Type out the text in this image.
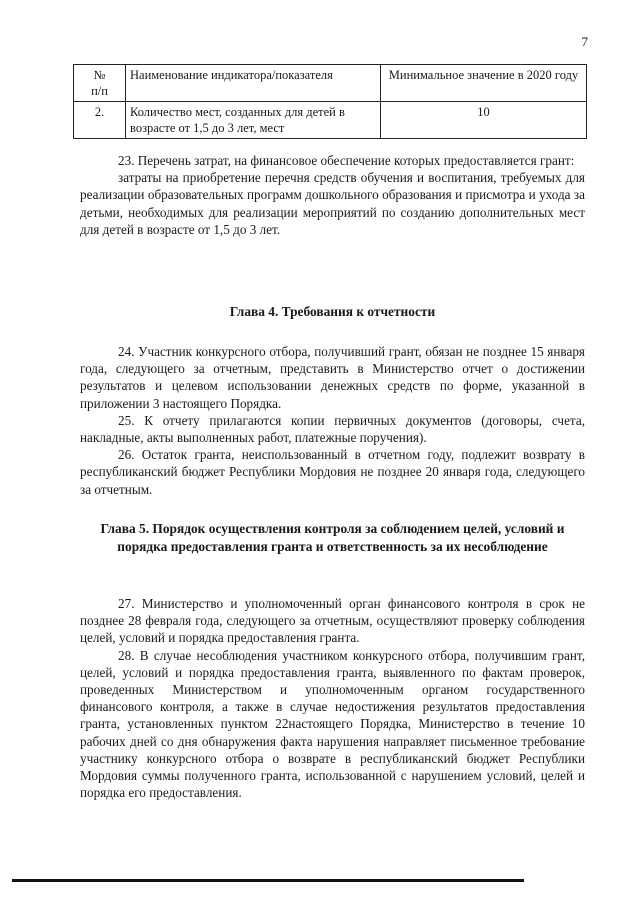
7
№
п/п	Наименование индикатора/показателя	Минимальное значение в 2020 году
2.	Количество мест, созданных для детей в возрасте от 1,5 до 3 лет, мест	10

23. Перечень затрат, на финансовое обеспечение которых предоставляется грант:

затраты на приобретение перечня средств обучения и воспитания, требуемых для реализации образовательных программ дошкольного образования и присмотра и ухода за детьми, необходимых для реализации мероприятий по созданию дополнительных мест для детей в возрасте от 1,5 до 3 лет.

Глава 4. Требования к отчетности

24. Участник конкурсного отбора, получивший грант, обязан не позднее 15 января года, следующего за отчетным, представить в Министерство отчет о достижении результатов и целевом использовании денежных средств по форме, указанной в приложении 3 настоящего Порядка.

25. К отчету прилагаются копии первичных документов (договоры, счета, накладные, акты выполненных работ, платежные поручения).

26. Остаток гранта, неиспользованный в отчетном году, подлежит возврату в республиканский бюджет Республики Мордовия не позднее 20 января года, следующего за отчетным.

Глава 5. Порядок осуществления контроля за соблюдением целей, условий и порядка предоставления гранта и ответственность за их несоблюдение

27. Министерство и уполномоченный орган финансового контроля в срок не позднее 28 февраля года, следующего за отчетным, осуществляют проверку соблюдения целей, условий и порядка предоставления гранта.

28. В случае несоблюдения участником конкурсного отбора, получившим грант, целей, условий и порядка предоставления гранта, выявленного по фактам проверок, проведенных Министерством и уполномоченным органом государственного финансового контроля, а также в случае недостижения результатов предоставления гранта, установленных пунктом 22настоящего Порядка, Министерство в течение 10 рабочих дней со дня обнаружения факта нарушения направляет письменное требование участнику конкурсного отбора о возврате в республиканский бюджет Республики Мордовия суммы полученного гранта, использованной с нарушением условий, целей и порядка его предоставления.
